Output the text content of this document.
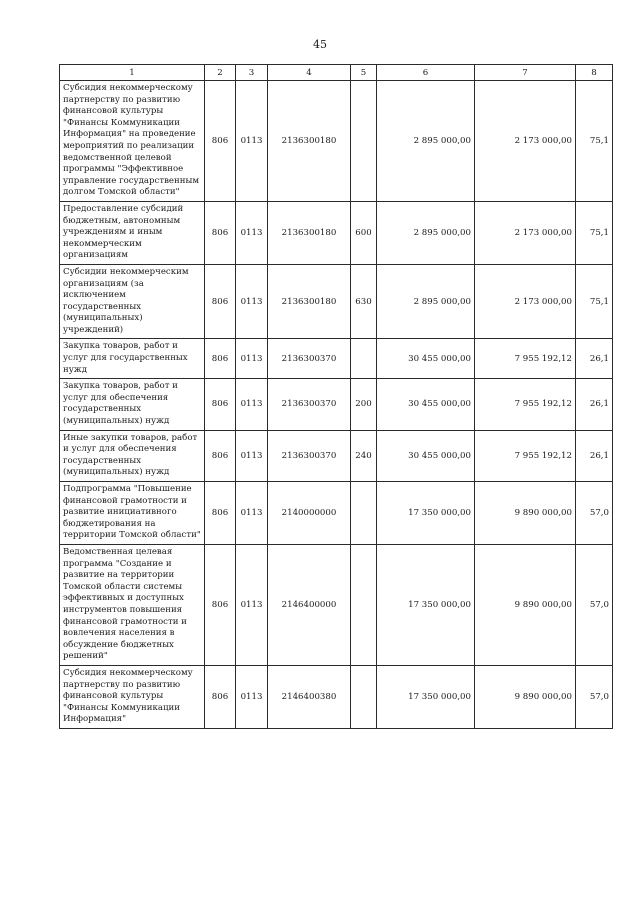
45
1	2	3	4	5	6	7	8
Субсидия некоммерческому партнерству по развитию финансовой культуры "Финансы Коммуникации Информация" на проведение мероприятий по реализации ведомственной целевой программы "Эффективное управление государственным долгом Томской области"	806	0113	2136300180		2 895 000,00	2 173 000,00	75,1
Предоставление субсидий бюджетным, автономным учреждениям и иным некоммерческим организациям	806	0113	2136300180	600	2 895 000,00	2 173 000,00	75,1
Субсидии некоммерческим организациям (за исключением государственных (муниципальных) учреждений)	806	0113	2136300180	630	2 895 000,00	2 173 000,00	75,1
Закупка товаров, работ и услуг для государственных нужд	806	0113	2136300370		30 455 000,00	7 955 192,12	26,1
Закупка товаров, работ и услуг для обеспечения государственных (муниципальных) нужд	806	0113	2136300370	200	30 455 000,00	7 955 192,12	26,1
Иные закупки товаров, работ и услуг для обеспечения государственных (муниципальных) нужд	806	0113	2136300370	240	30 455 000,00	7 955 192,12	26,1
Подпрограмма "Повышение финансовой грамотности и развитие инициативного бюджетирования на территории Томской области"	806	0113	2140000000		17 350 000,00	9 890 000,00	57,0
Ведомственная целевая программа "Создание и развитие на территории Томской области системы эффективных и доступных инструментов повышения финансовой грамотности и вовлечения населения в обсуждение бюджетных решений"	806	0113	2146400000		17 350 000,00	9 890 000,00	57,0
Субсидия некоммерческому партнерству по развитию финансовой культуры "Финансы Коммуникации Информация"	806	0113	2146400380		17 350 000,00	9 890 000,00	57,0
